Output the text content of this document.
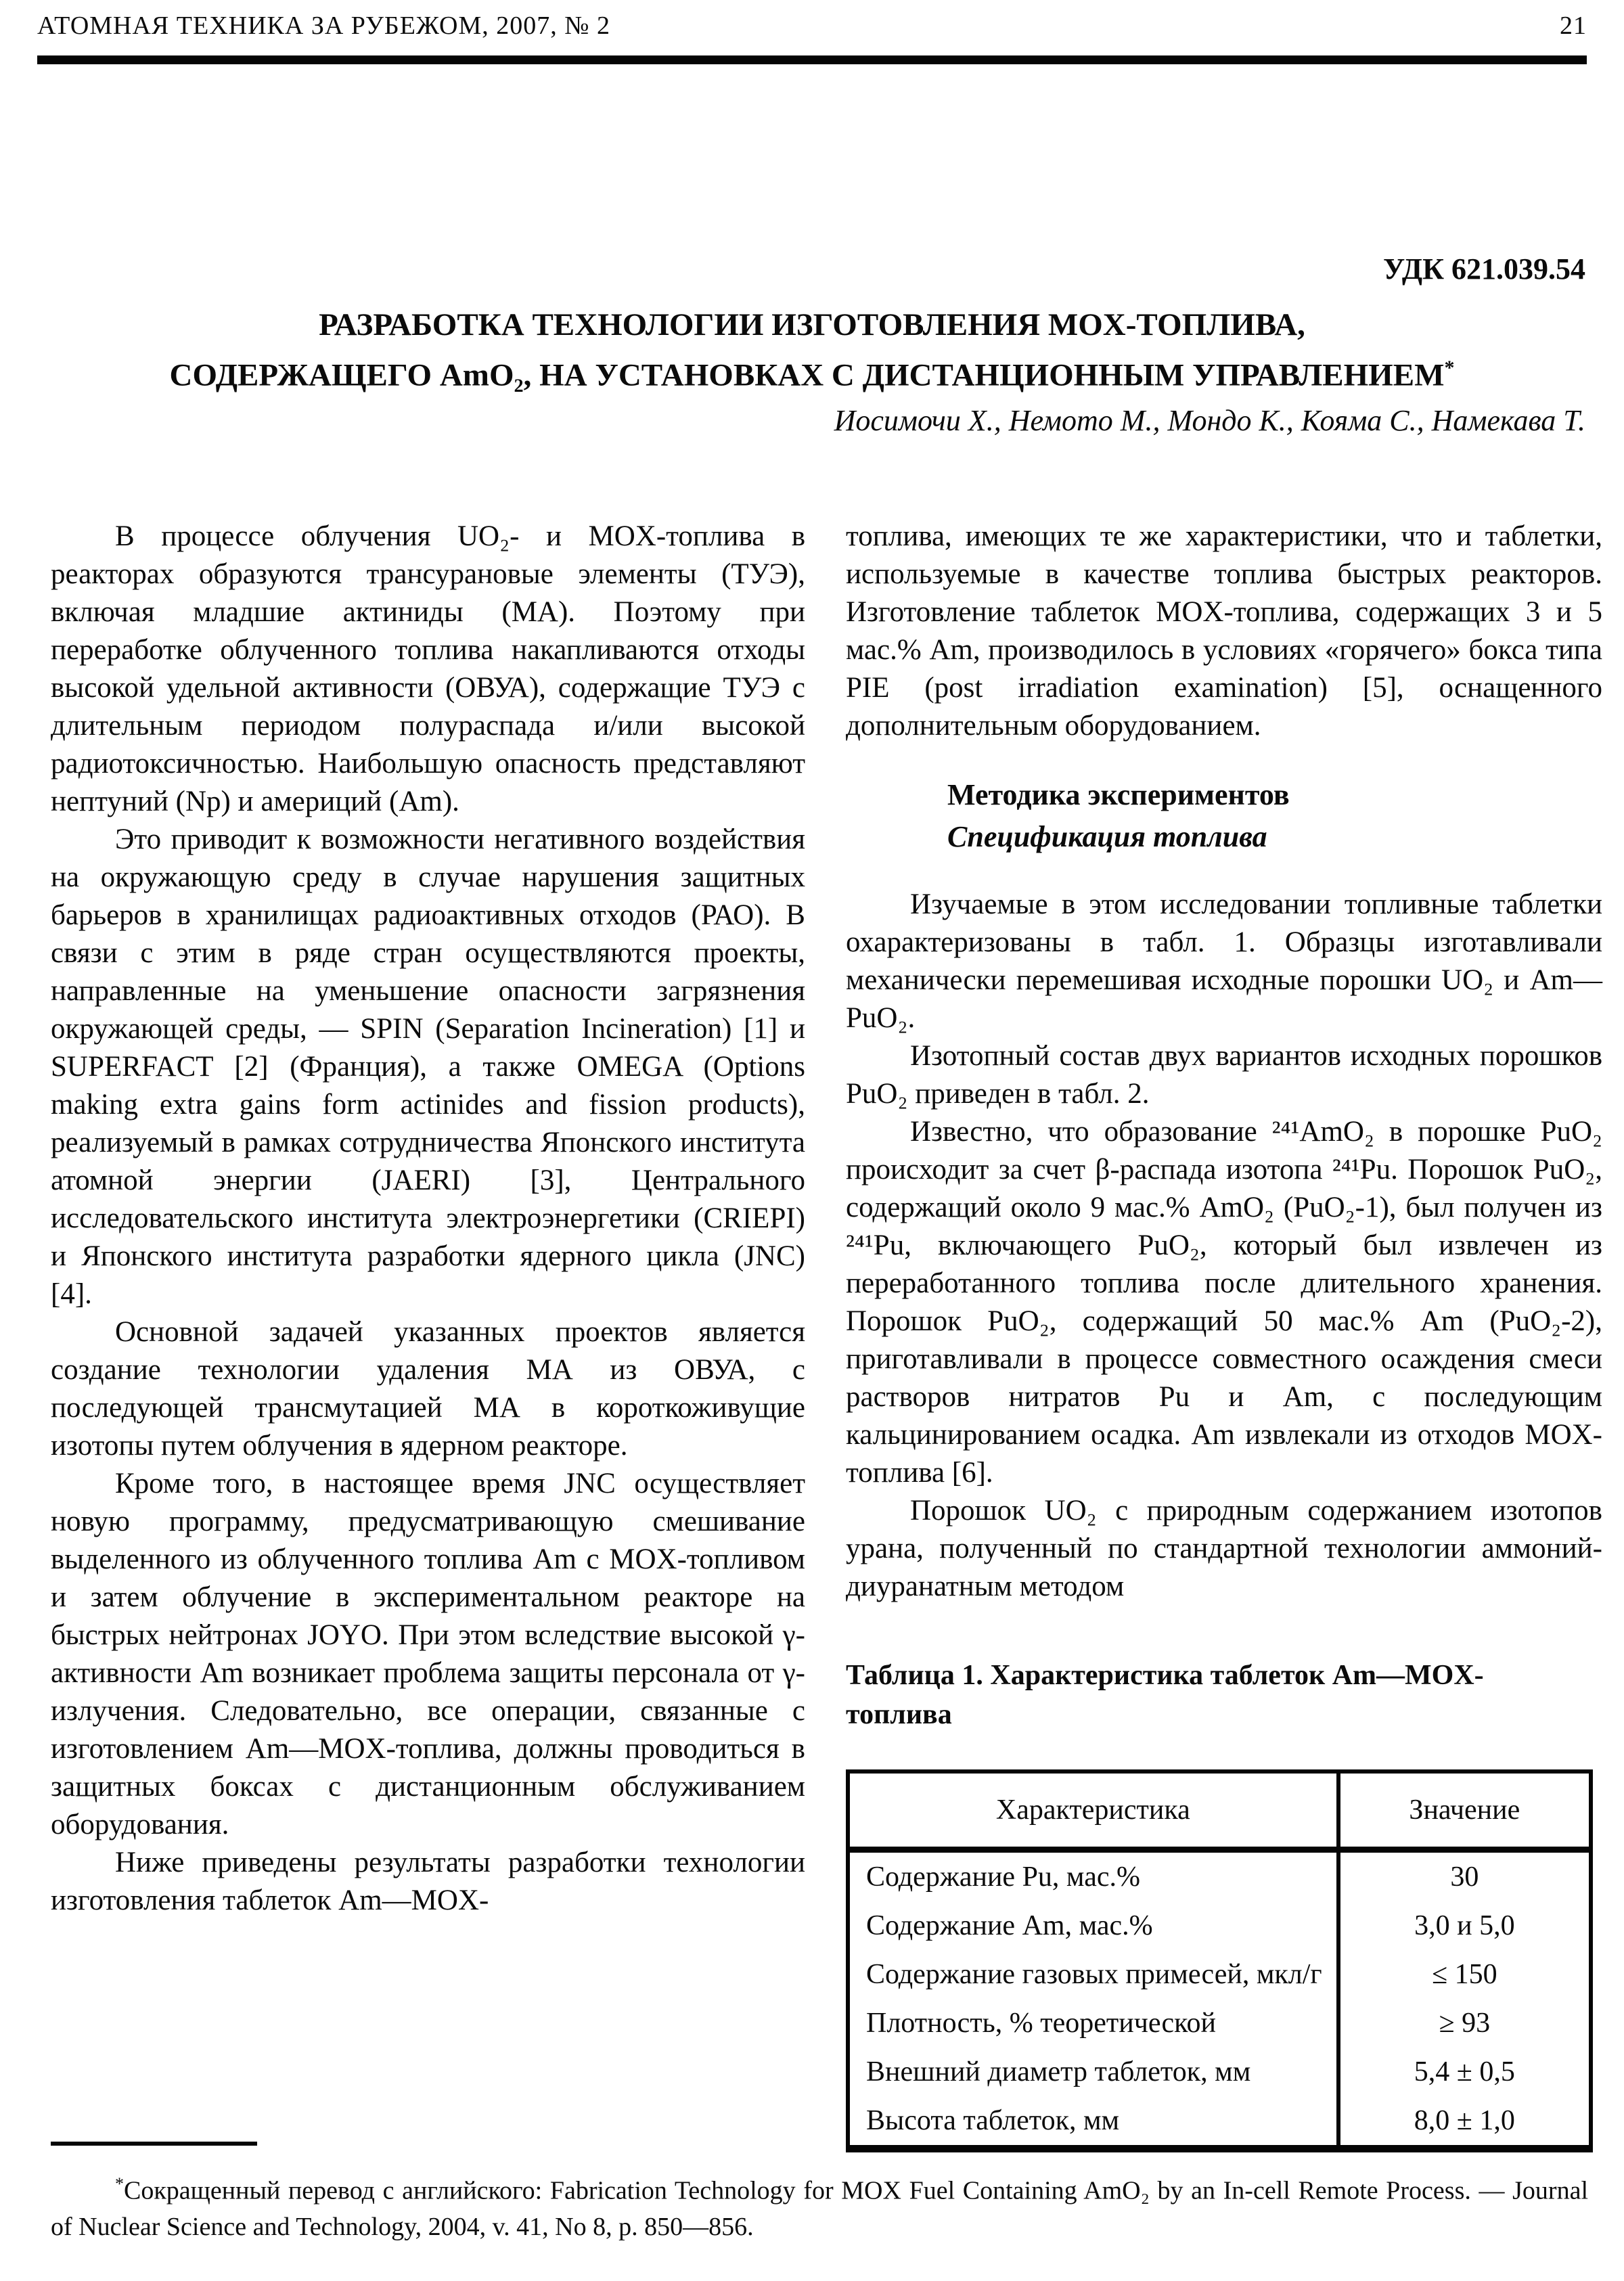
АТОМНАЯ ТЕХНИКА ЗА РУБЕЖОМ, 2007, № 2	21
УДК 621.039.54
РАЗРАБОТКА ТЕХНОЛОГИИ ИЗГОТОВЛЕНИЯ MOX-ТОПЛИВА,
СОДЕРЖАЩЕГО AmO₂, НА УСТАНОВКАХ С ДИСТАНЦИОННЫМ УПРАВЛЕНИЕМ*
Иосимочи Х., Немото М., Мондо К., Кояма С., Намекава Т.

В процессе облучения UO₂- и MOX-топлива в реакторах образуются трансурановые элементы (ТУЭ), включая младшие актиниды (МА). Поэтому при переработке облученного топлива накапливаются отходы высокой удельной активности (ОВУА), содержащие ТУЭ с длительным периодом полураспада и/или высокой радиотоксичностью. Наибольшую опасность представляют нептуний (Np) и америций (Am).

Это приводит к возможности негативного воздействия на окружающую среду в случае нарушения защитных барьеров в хранилищах радиоактивных отходов (РАО). В связи с этим в ряде стран осуществляются проекты, направленные на уменьшение опасности загрязнения окружающей среды, — SPIN (Separation Incineration) [1] и SUPERFACT [2] (Франция), а также OMEGA (Options making extra gains form actinides and fission products), реализуемый в рамках сотрудничества Японского института атомной энергии (JAERI) [3], Центрального исследовательского института электроэнергетики (CRIEPI) и Японского института разработки ядерного цикла (JNC) [4].

Основной задачей указанных проектов является создание технологии удаления МА из ОВУА, с последующей трансмутацией МА в короткоживущие изотопы путем облучения в ядерном реакторе.

Кроме того, в настоящее время JNC осуществляет новую программу, предусматривающую смешивание выделенного из облученного топлива Am с MOX-топливом и затем облучение в экспериментальном реакторе на быстрых нейтронах JOYO. При этом вследствие высокой γ-активности Am возникает проблема защиты персонала от γ-излучения. Следовательно, все операции, связанные с изготовлением Am—MOX-топлива, должны проводиться в защитных боксах с дистанционным обслуживанием оборудования.

Ниже приведены результаты разработки технологии изготовления таблеток Am—MOX-

топлива, имеющих те же характеристики, что и таблетки, используемые в качестве топлива быстрых реакторов. Изготовление таблеток MOX-топлива, содержащих 3 и 5 мас.% Am, производилось в условиях «горячего» бокса типа PIE (post irradiation examination) [5], оснащенного дополнительным оборудованием.

Методика экспериментов
Спецификация топлива

Изучаемые в этом исследовании топливные таблетки охарактеризованы в табл. 1. Образцы изготавливали механически перемешивая исходные порошки UO₂ и Am—PuO₂.

Изотопный состав двух вариантов исходных порошков PuO₂ приведен в табл. 2.

Известно, что образование ²⁴¹AmO₂ в порошке PuO₂ происходит за счет β-распада изотопа ²⁴¹Pu. Порошок PuO₂, содержащий около 9 мас.% AmO₂ (PuO₂-1), был получен из ²⁴¹Pu, включающего PuO₂, который был извлечен из переработанного топлива после длительного хранения. Порошок PuO₂, содержащий 50 мас.% Am (PuO₂-2), приготавливали в процессе совместного осаждения смеси растворов нитратов Pu и Am, с последующим кальцинированием осадка. Am извлекали из отходов MOX-топлива [6].

Порошок UO₂ с природным содержанием изотопов урана, полученный по стандартной технологии аммоний-диуранатным методом

Таблица 1. Характеристика таблеток Am—MOX-топлива
Характеристика	Значение
Содержание Pu, мас.%	30
Содержание Am, мас.%	3,0 и 5,0
Содержание газовых примесей, мкл/г	≤ 150
Плотность, % теоретической	≥ 93
Внешний диаметр таблеток, мм	5,4 ± 0,5
Высота таблеток, мм	8,0 ± 1,0

*Сокращенный перевод с английского: Fabrication Technology for MOX Fuel Containing AmO₂ by an In-cell Remote Process. — Journal of Nuclear Science and Technology, 2004, v. 41, No 8, p. 850—856.
